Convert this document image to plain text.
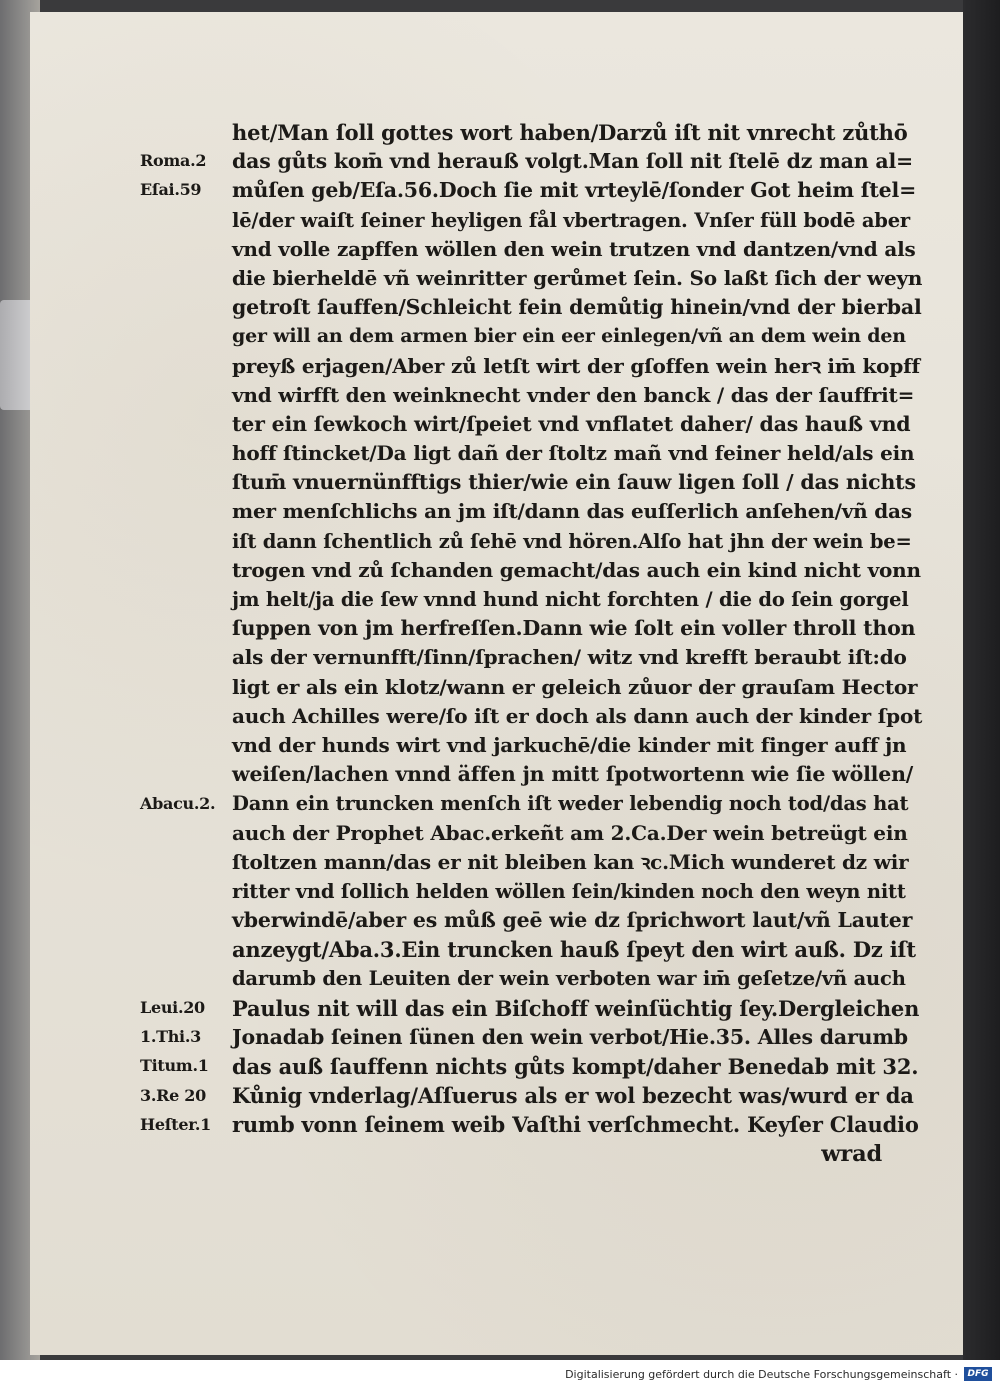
Roma.2
Eſai.59
Abacu.2.
Leui.20
1.Thi.3
Titum.1
3.Re 20
Heſter.1
het/Man ſoll gottes wort haben/Darzů iſt nit vnrecht zůthō
das gůts kom̄ vnd herauß volgt.Man ſoll nit ſtelē dz man al=
můſen geb/Eſa.56.Doch ſie mit vrteylē/ſonder Got heim ſtel=
lē/der waiſt ſeiner heyligen fål vbertragen. Vnſer füll bodē aber
vnd volle zapffen wöllen den wein trutzen vnd dantzen/vnd als
die bierheldē vñ weinritter gerůmet ſein. So laßt ſich der weyn
getroſt ſauffen/Schleicht fein demůtig hinein/vnd der bierbal
ger will an dem armen bier ein eer einlegen/vñ an dem wein den
preyß erjagen/Aber zů letſt wirt der gſoffen wein herꝛ im̄ kopff
vnd wirfft den weinknecht vnder den banck / das der ſauffrit=
ter ein ſewkoch wirt/ſpeiet vnd vnflatet daher/ das hauß vnd
hoff ſtincket/Da ligt dañ der ſtoltz mañ vnd feiner held/als ein
ſtum̄ vnuernünfftigs thier/wie ein ſauw ligen ſoll / das nichts
mer menſchlichs an jm iſt/dann das euſſerlich anſehen/vñ das
iſt dann ſchentlich zů ſehē vnd hören.Alſo hat jhn der wein be=
trogen vnd zů ſchanden gemacht/das auch ein kind nicht vonn
jm helt/ja die ſew vnnd hund nicht forchten / die do ſein gorgel
ſuppen von jm herfreſſen.Dann wie ſolt ein voller throll thon
als der vernunfft/ſinn/ſprachen/ witz vnd krefft beraubt iſt:do
ligt er als ein klotz/wann er geleich zůuor der grauſam Hector
auch Achilles were/ſo iſt er doch als dann auch der kinder ſpot
vnd der hunds wirt vnd jarkuchē/die kinder mit finger auff jn
weiſen/lachen vnnd äffen jn mitt ſpotwortenn wie ſie wöllen/
Dann ein truncken menſch iſt weder lebendig noch tod/das hat
auch der Prophet Abac.erkeñt am 2.Ca.Der wein betreügt ein
ſtoltzen mann/das er nit bleiben kan ꝛc.Mich wunderet dz wir
ritter vnd ſollich helden wöllen ſein/kinden noch den weyn nitt
vberwindē/aber es můß geē wie dz ſprichwort laut/vñ Lauter
anzeygt/Aba.3.Ein truncken hauß ſpeyt den wirt auß. Dz iſt
darumb den Leuiten der wein verboten war im̄ geſetze/vñ auch
Paulus nit will das ein Biſchoff weinſüchtig ſey.Dergleichen
Jonadab ſeinen ſünen den wein verbot/Hie.35. Alles darumb
das auß ſauffenn nichts gůts kompt/daher Benedab mit 32.
Kůnig vnderlag/Aſſuerus als er wol bezecht was/wurd er da
rumb vonn ſeinem weib Vaſthi verſchmecht. Keyſer Claudio
wrad
Digitalisierung gefördert durch die Deutsche Forschungsgemeinschaft ·	DFG
